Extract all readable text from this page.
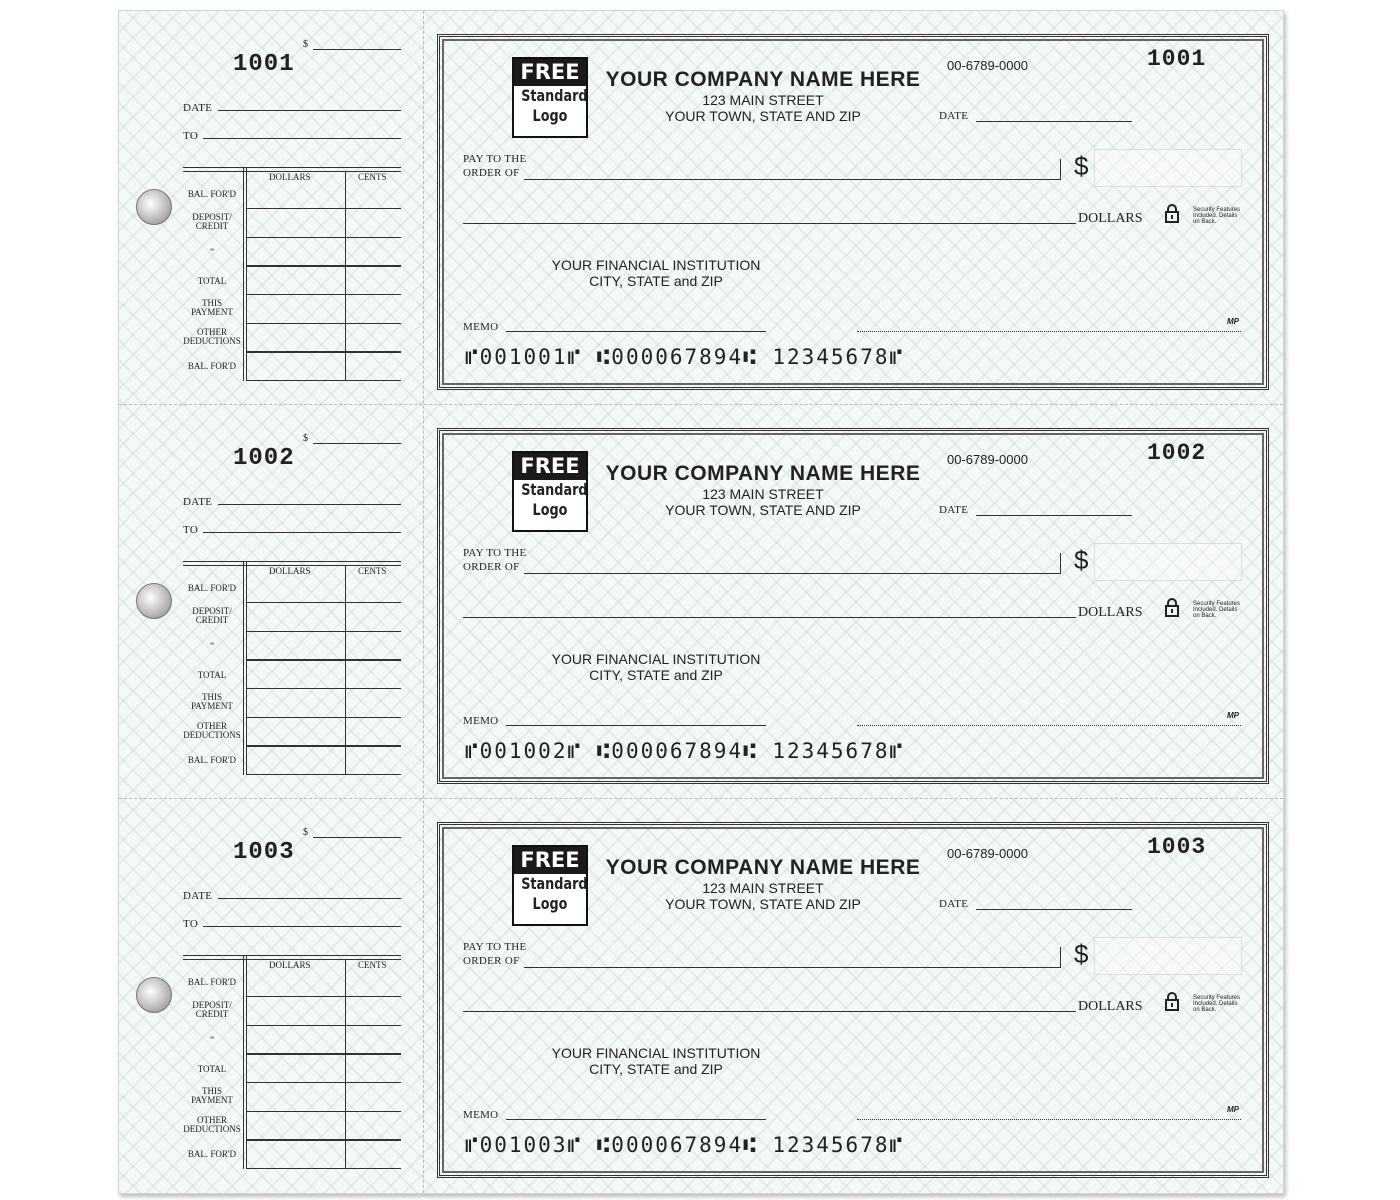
$
1001
DATE
TO
DOLLARS	CENTS
BAL. FOR'D
DEPOSIT/
CREDIT
”
TOTAL
THIS
PAYMENT
OTHER
DEDUCTIONS
BAL. FOR'D
FREE
Standard
Logo
YOUR COMPANY NAME HERE
123 MAIN STREET
YOUR TOWN, STATE AND ZIP
00-6789-0000	1001
DATE
PAY TO THE
ORDER OF	$
DOLLARS
Security Features Included. Details on Back.
YOUR FINANCIAL INSTITUTION
CITY, STATE and ZIP
MEMO	MP
⑈001001⑈ ⑆000067894⑆ 12345678⑈
$
1002
DATE
TO
DOLLARS	CENTS
BAL. FOR'D
DEPOSIT/
CREDIT
”
TOTAL
THIS
PAYMENT
OTHER
DEDUCTIONS
BAL. FOR'D
FREE
Standard
Logo
YOUR COMPANY NAME HERE
123 MAIN STREET
YOUR TOWN, STATE AND ZIP
00-6789-0000	1002
DATE
PAY TO THE
ORDER OF	$
DOLLARS
Security Features Included. Details on Back.
YOUR FINANCIAL INSTITUTION
CITY, STATE and ZIP
MEMO	MP
⑈001002⑈ ⑆000067894⑆ 12345678⑈
$
1003
DATE
TO
DOLLARS	CENTS
BAL. FOR'D
DEPOSIT/
CREDIT
”
TOTAL
THIS
PAYMENT
OTHER
DEDUCTIONS
BAL. FOR'D
FREE
Standard
Logo
YOUR COMPANY NAME HERE
123 MAIN STREET
YOUR TOWN, STATE AND ZIP
00-6789-0000	1003
DATE
PAY TO THE
ORDER OF	$
DOLLARS
Security Features Included. Details on Back.
YOUR FINANCIAL INSTITUTION
CITY, STATE and ZIP
MEMO	MP
⑈001003⑈ ⑆000067894⑆ 12345678⑈
